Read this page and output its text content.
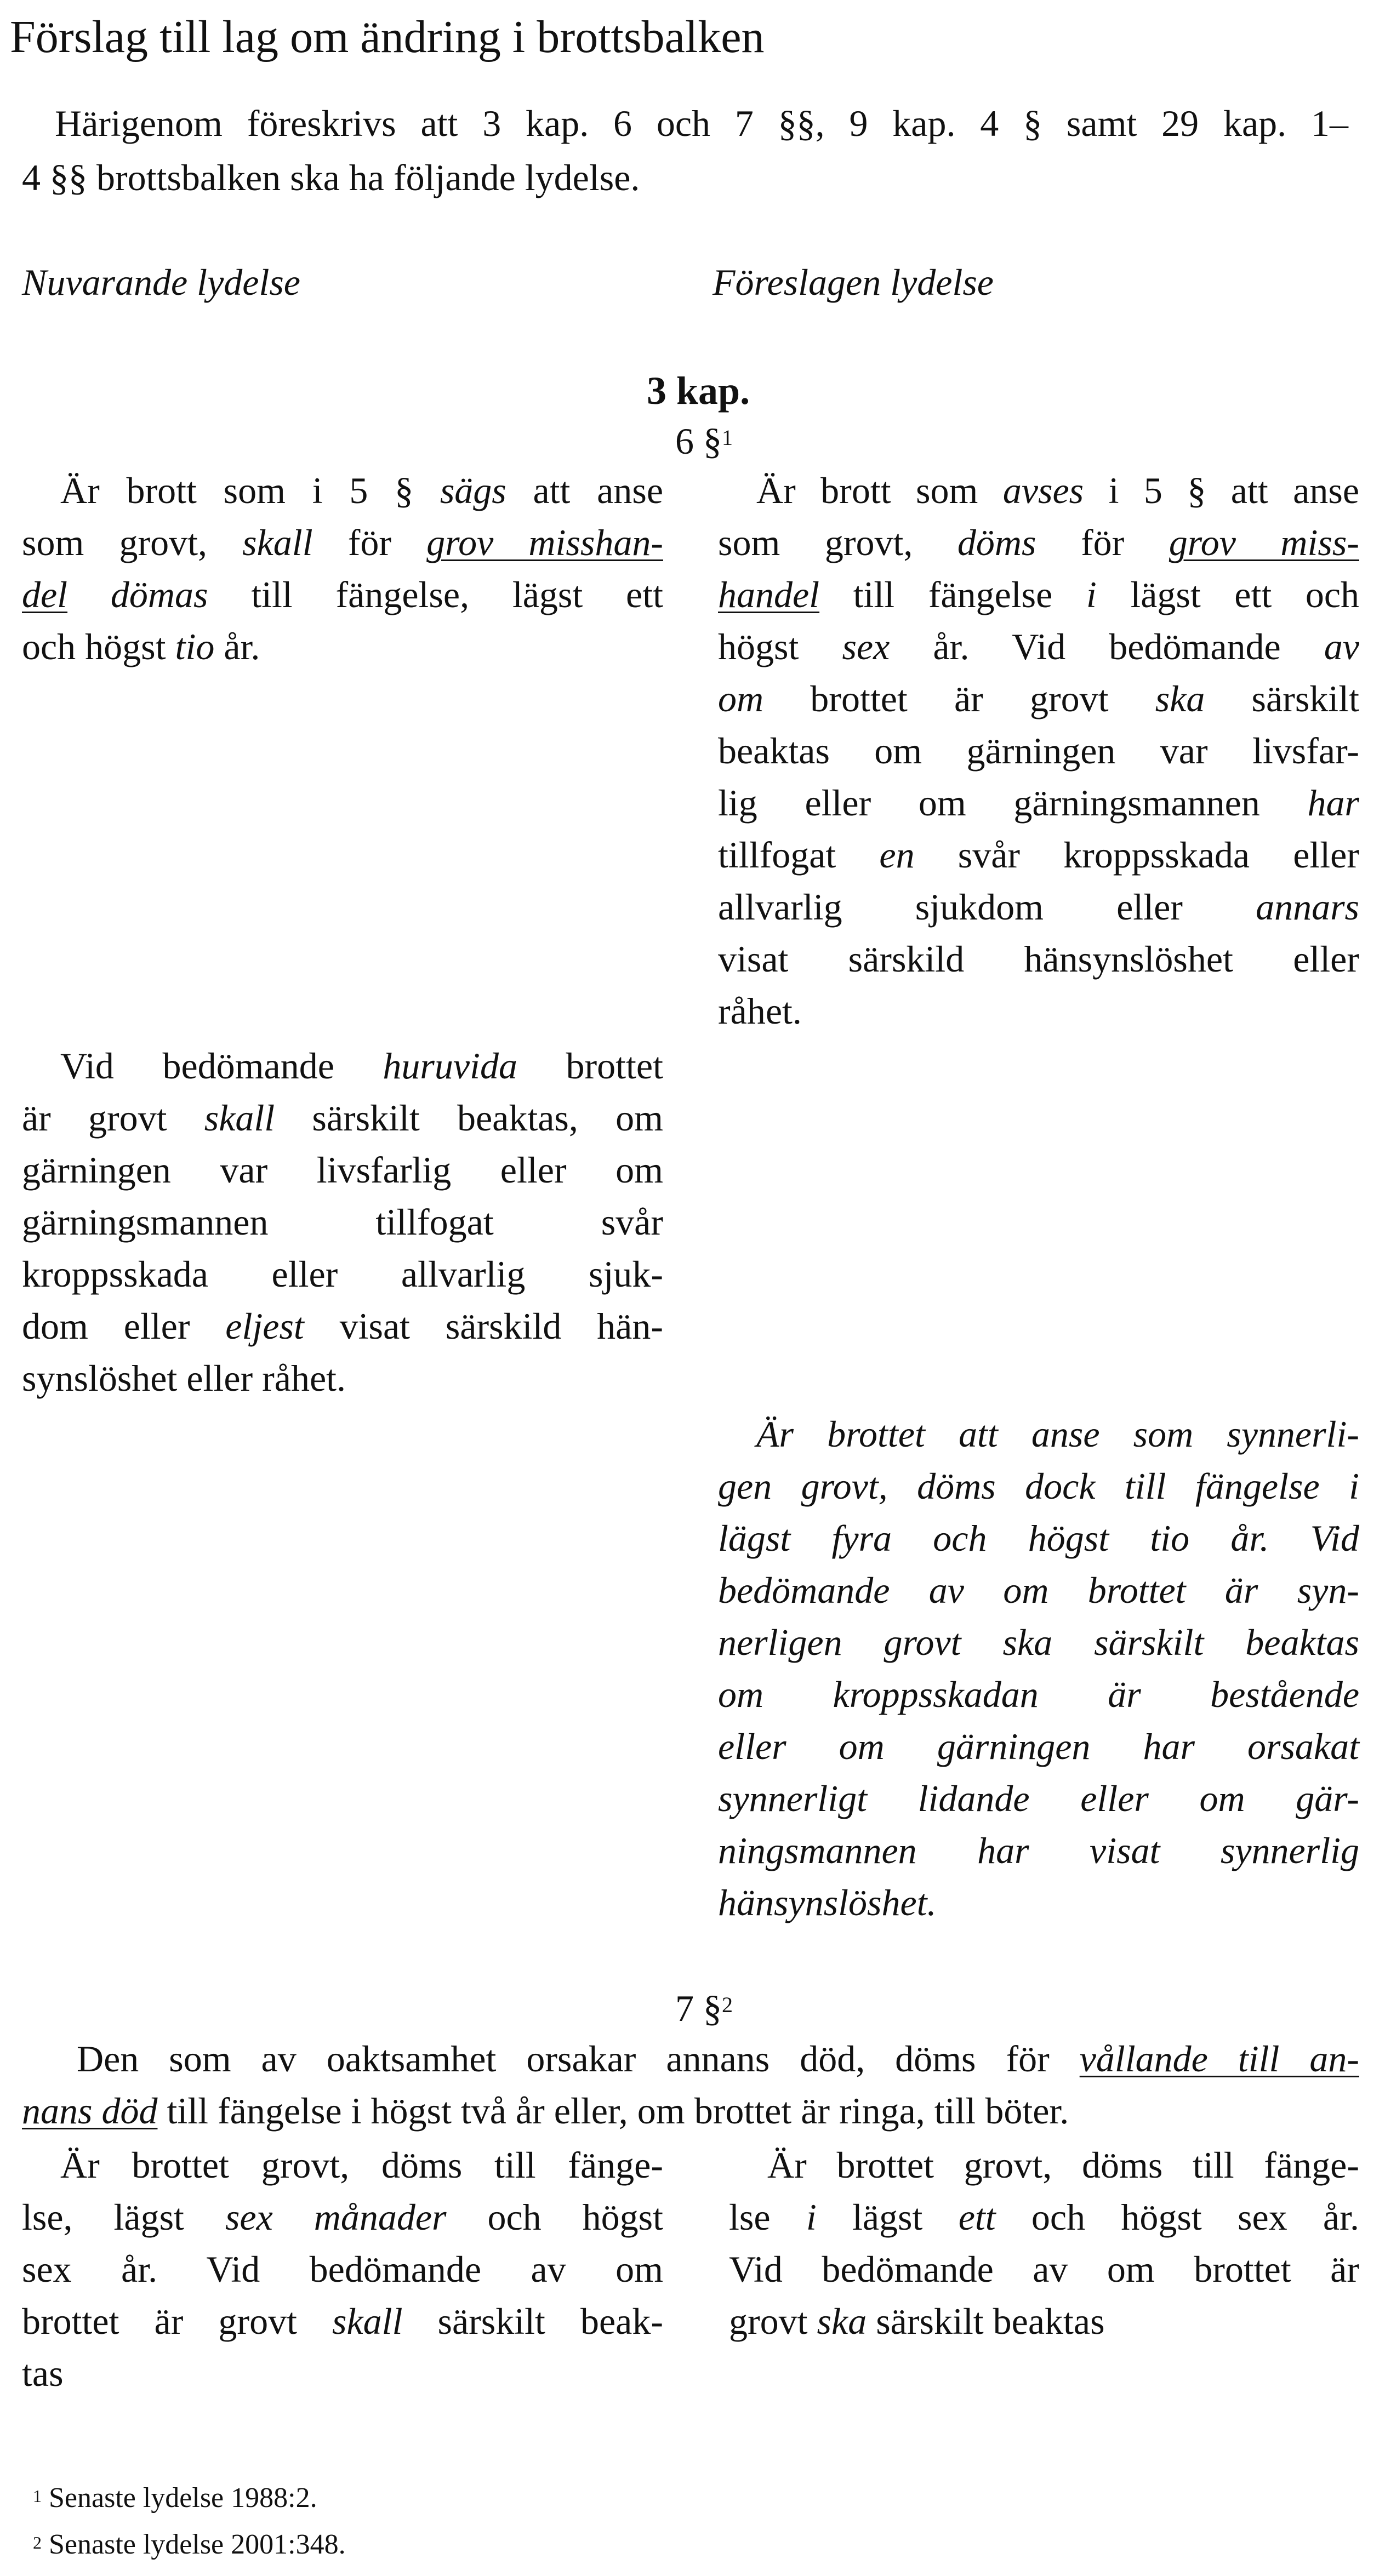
Förslag till lag om ändring i brottsbalken
Härigenom föreskrivs att 3 kap. 6 och 7 §§, 9 kap. 4 § samt 29 kap. 1–
4 §§ brottsbalken ska ha följande lydelse.
Nuvarande lydelse	Föreslagen lydelse
3 kap.
6 §$^1$
Är brott som i 5 § sägs att anse
som grovt, skall för grov misshan-
del dömas till fängelse, lägst ett
och högst tio år.
Vid bedömande huruvida brottet
är grovt skall särskilt beaktas, om
gärningen var livsfarlig eller om
gärningsmannen tillfogat svår
kroppsskada eller allvarlig sjuk-
dom eller eljest visat särskild hän-
synslöshet eller råhet.
Är brott som avses i 5 § att anse
som grovt, döms för grov miss-
handel till fängelse i lägst ett och
högst sex år. Vid bedömande av
om brottet är grovt ska särskilt
beaktas om gärningen var livsfar-
lig eller om gärningsmannen har
tillfogat en svår kroppsskada eller
allvarlig sjukdom eller annars
visat särskild hänsynslöshet eller
råhet.
Är brottet att anse som synnerli-
gen grovt, döms dock till fängelse i
lägst fyra och högst tio år. Vid
bedömande av om brottet är syn-
nerligen grovt ska särskilt beaktas
om kroppsskadan är bestående
eller om gärningen har orsakat
synnerligt lidande eller om gär-
ningsmannen har visat synnerlig
hänsynslöshet.
7 §$^2$
Den som av oaktsamhet orsakar annans död, döms för vållande till an-
nans död till fängelse i högst två år eller, om brottet är ringa, till böter.
Är brottet grovt, döms till fänge-
lse, lägst sex månader och högst
sex år. Vid bedömande av om
brottet är grovt skall särskilt beak-
tas
Är brottet grovt, döms till fänge-
lse i lägst ett och högst sex år.
Vid bedömande av om brottet är
grovt ska särskilt beaktas
$^1$ Senaste lydelse 1988:2.
$^2$ Senaste lydelse 2001:348.
